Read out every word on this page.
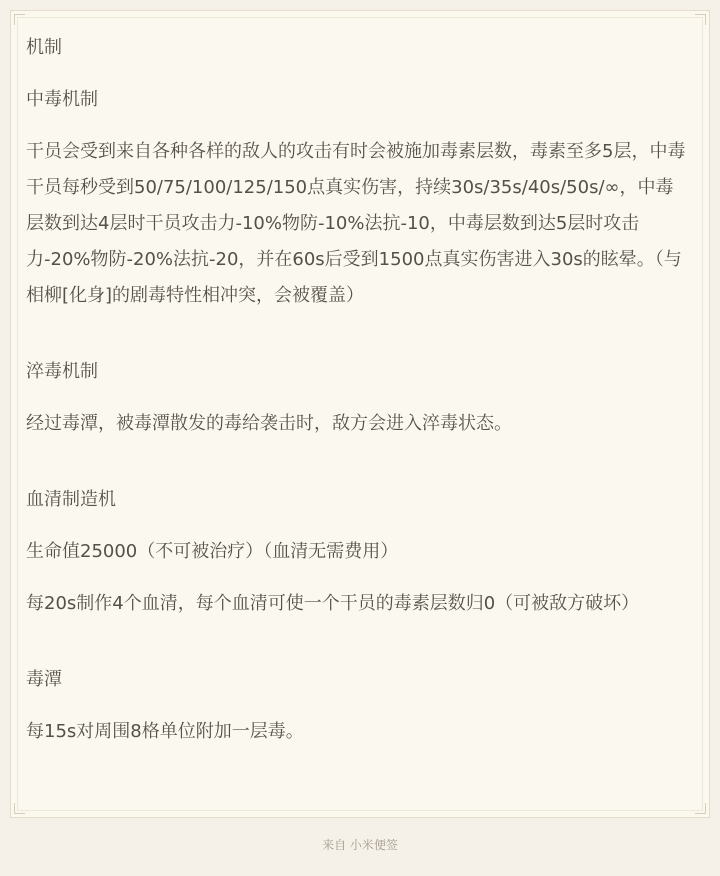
机制

中毒机制

干员会受到来自各种各样的敌人的攻击有时会被施加毒素层数，毒素至多5层，中毒干员每秒受到50/75/100/125/150点真实伤害，持续30s/35s/40s/50s/∞，中毒层数到达4层时干员攻击力-10%物防-10%法抗-10，中毒层数到达5层时攻击力-20%物防-20%法抗-20，并在60s后受到1500点真实伤害进入30s的眩晕。（与相柳[化身]的剧毒特性相冲突，会被覆盖）

淬毒机制

经过毒潭，被毒潭散发的毒给袭击时，敌方会进入淬毒状态。

血清制造机

生命值25000（不可被治疗）（血清无需费用）

每20s制作4个血清，每个血清可使一个干员的毒素层数归0（可被敌方破坏）

毒潭

每15s对周围8格单位附加一层毒。

来自 小米便签
